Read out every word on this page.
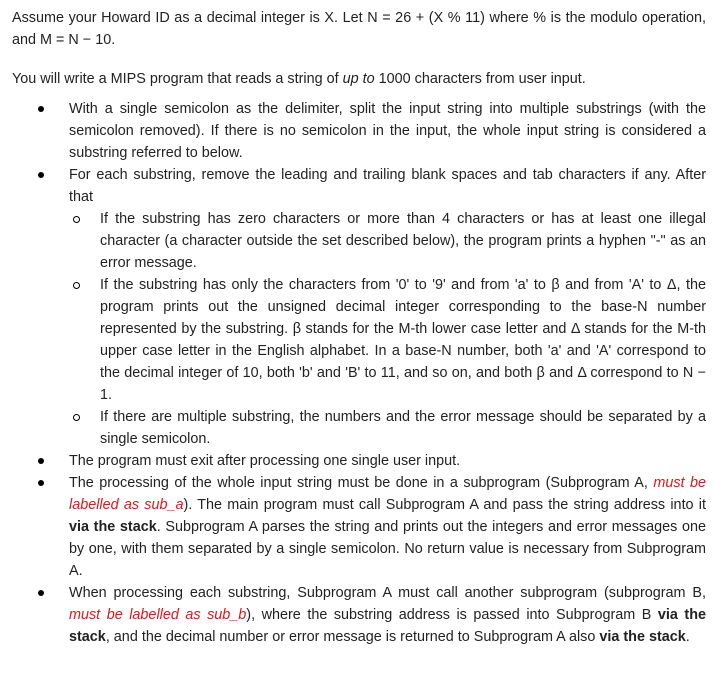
Assume your Howard ID as a decimal integer is X. Let N = 26 + (X % 11) where % is the modulo operation, and M = N − 10.

You will write a MIPS program that reads a string of up to 1000 characters from user input.

With a single semicolon as the delimiter, split the input string into multiple substrings (with the semicolon removed). If there is no semicolon in the input, the whole input string is considered a substring referred to below.
For each substring, remove the leading and trailing blank spaces and tab characters if any. After that
If the substring has zero characters or more than 4 characters or has at least one illegal character (a character outside the set described below), the program prints a hyphen "-" as an error message.
If the substring has only the characters from '0' to '9' and from 'a' to β and from 'A' to Δ, the program prints out the unsigned decimal integer corresponding to the base-N number represented by the substring. β stands for the M-th lower case letter and Δ stands for the M-th upper case letter in the English alphabet. In a base-N number, both 'a' and 'A' correspond to the decimal integer of 10, both 'b' and 'B' to 11, and so on, and both β and Δ correspond to N − 1.
If there are multiple substring, the numbers and the error message should be separated by a single semicolon.
The program must exit after processing one single user input.
The processing of the whole input string must be done in a subprogram (Subprogram A, must be labelled as sub_a). The main program must call Subprogram A and pass the string address into it via the stack. Subprogram A parses the string and prints out the integers and error messages one by one, with them separated by a single semicolon. No return value is necessary from Subprogram A.
When processing each substring, Subprogram A must call another subprogram (subprogram B, must be labelled as sub_b), where the substring address is passed into Subprogram B via the stack, and the decimal number or error message is returned to Subprogram A also via the stack.
